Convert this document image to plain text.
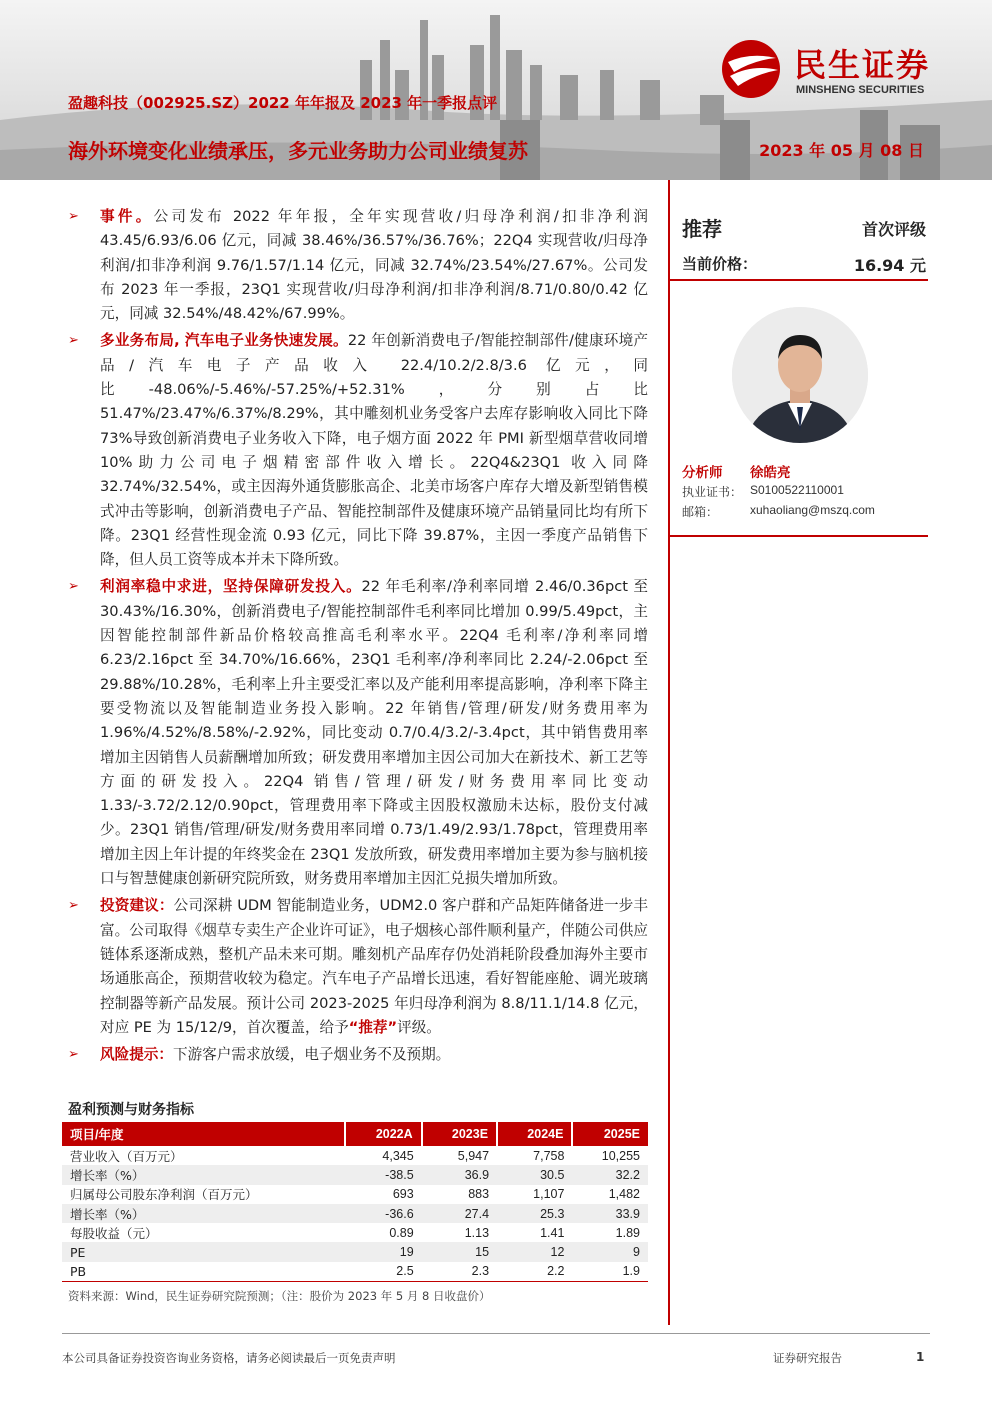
民生证券
MINSHENG SECURITIES
盈趣科技（002925.SZ）2022 年年报及 2023 年一季报点评
海外环境变化业绩承压，多元业务助力公司业绩复苏	2023 年 05 月 08 日
➢ 事件。公司发布 2022 年年报，全年实现营收/归母净利润/扣非净利润 43.45/6.93/6.06 亿元，同减 38.46%/36.57%/36.76%；22Q4 实现营收/归母净利润/扣非净利润 9.76/1.57/1.14 亿元，同减 32.74%/23.54%/27.67%。公司发布 2023 年一季报，23Q1 实现营收/归母净利润/扣非净利润/8.71/0.80/0.42 亿元，同减 32.54%/48.42%/67.99%。
➢ 多业务布局, 汽车电子业务快速发展。22 年创新消费电子/智能控制部件/健康环境产品/汽车电子产品收入 22.4/10.2/2.8/3.6 亿元，同比-48.06%/-5.46%/-57.25%/+52.31%，分别占比 51.47%/23.47%/6.37%/8.29%，其中雕刻机业务受客户去库存影响收入同比下降 73%导致创新消费电子业务收入下降，电子烟方面 2022 年 PMI 新型烟草营收同增 10%助力公司电子烟精密部件收入增长。22Q4&23Q1 收入同降 32.74%/32.54%，或主因海外通货膨胀高企、北美市场客户库存大增及新型销售模式冲击等影响，创新消费电子产品、智能控制部件及健康环境产品销量同比均有所下降。23Q1 经营性现金流 0.93 亿元，同比下降 39.87%，主因一季度产品销售下降，但人员工资等成本并未下降所致。
➢ 利润率稳中求进，坚持保障研发投入。22 年毛利率/净利率同增 2.46/0.36pct 至 30.43%/16.30%，创新消费电子/智能控制部件毛利率同比增加 0.99/5.49pct，主因智能控制部件新品价格较高推高毛利率水平。22Q4 毛利率/净利率同增 6.23/2.16pct 至 34.70%/16.66%，23Q1 毛利率/净利率同比 2.24/-2.06pct 至 29.88%/10.28%，毛利率上升主要受汇率以及产能利用率提高影响，净利率下降主要受物流以及智能制造业务投入影响。22 年销售/管理/研发/财务费用率为 1.96%/4.52%/8.58%/-2.92%，同比变动 0.7/0.4/3.2/-3.4pct，其中销售费用率增加主因销售人员薪酬增加所致；研发费用率增加主因公司加大在新技术、新工艺等方面的研发投入。22Q4 销售/管理/研发/财务费用率同比变动 1.33/-3.72/2.12/0.90pct，管理费用率下降或主因股权激励未达标，股份支付减少。23Q1 销售/管理/研发/财务费用率同增 0.73/1.49/2.93/1.78pct，管理费用率增加主因上年计提的年终奖金在 23Q1 发放所致，研发费用率增加主要为参与脑机接口与智慧健康创新研究院所致，财务费用率增加主因汇兑损失增加所致。
➢ 投资建议：公司深耕 UDM 智能制造业务，UDM2.0 客户群和产品矩阵储备进一步丰富。公司取得《烟草专卖生产企业许可证》，电子烟核心部件顺利量产，伴随公司供应链体系逐渐成熟，整机产品未来可期。雕刻机产品库存仍处消耗阶段叠加海外主要市场通胀高企，预期营收较为稳定。汽车电子产品增长迅速，看好智能座舱、调光玻璃控制器等新产品发展。预计公司 2023-2025 年归母净利润为 8.8/11.1/14.8 亿元，对应 PE 为 15/12/9，首次覆盖，给予“推荐”评级。
➢ 风险提示：下游客户需求放缓，电子烟业务不及预期。
推荐	首次评级
当前价格：	16.94 元
分析师 徐皓亮
执业证书： S0100522110001
邮箱：	xuhaoliang@mszq.com
盈利预测与财务指标
项目/年度	2022A	2023E	2024E	2025E
营业收入（百万元）	4,345	5,947	7,758	10,255
增长率（%）	-38.5	36.9	30.5	32.2
归属母公司股东净利润（百万元）	693	883	1,107	1,482
增长率（%）	-36.6	27.4	25.3	33.9
每股收益（元）	0.89	1.13	1.41	1.89
PE	19	15	12	9
PB	2.5	2.3	2.2	1.9
资料来源：Wind，民生证券研究院预测；（注：股价为 2023 年 5 月 8 日收盘价）
本公司具备证券投资咨询业务资格，请务必阅读最后一页免责声明	证券研究报告	1
